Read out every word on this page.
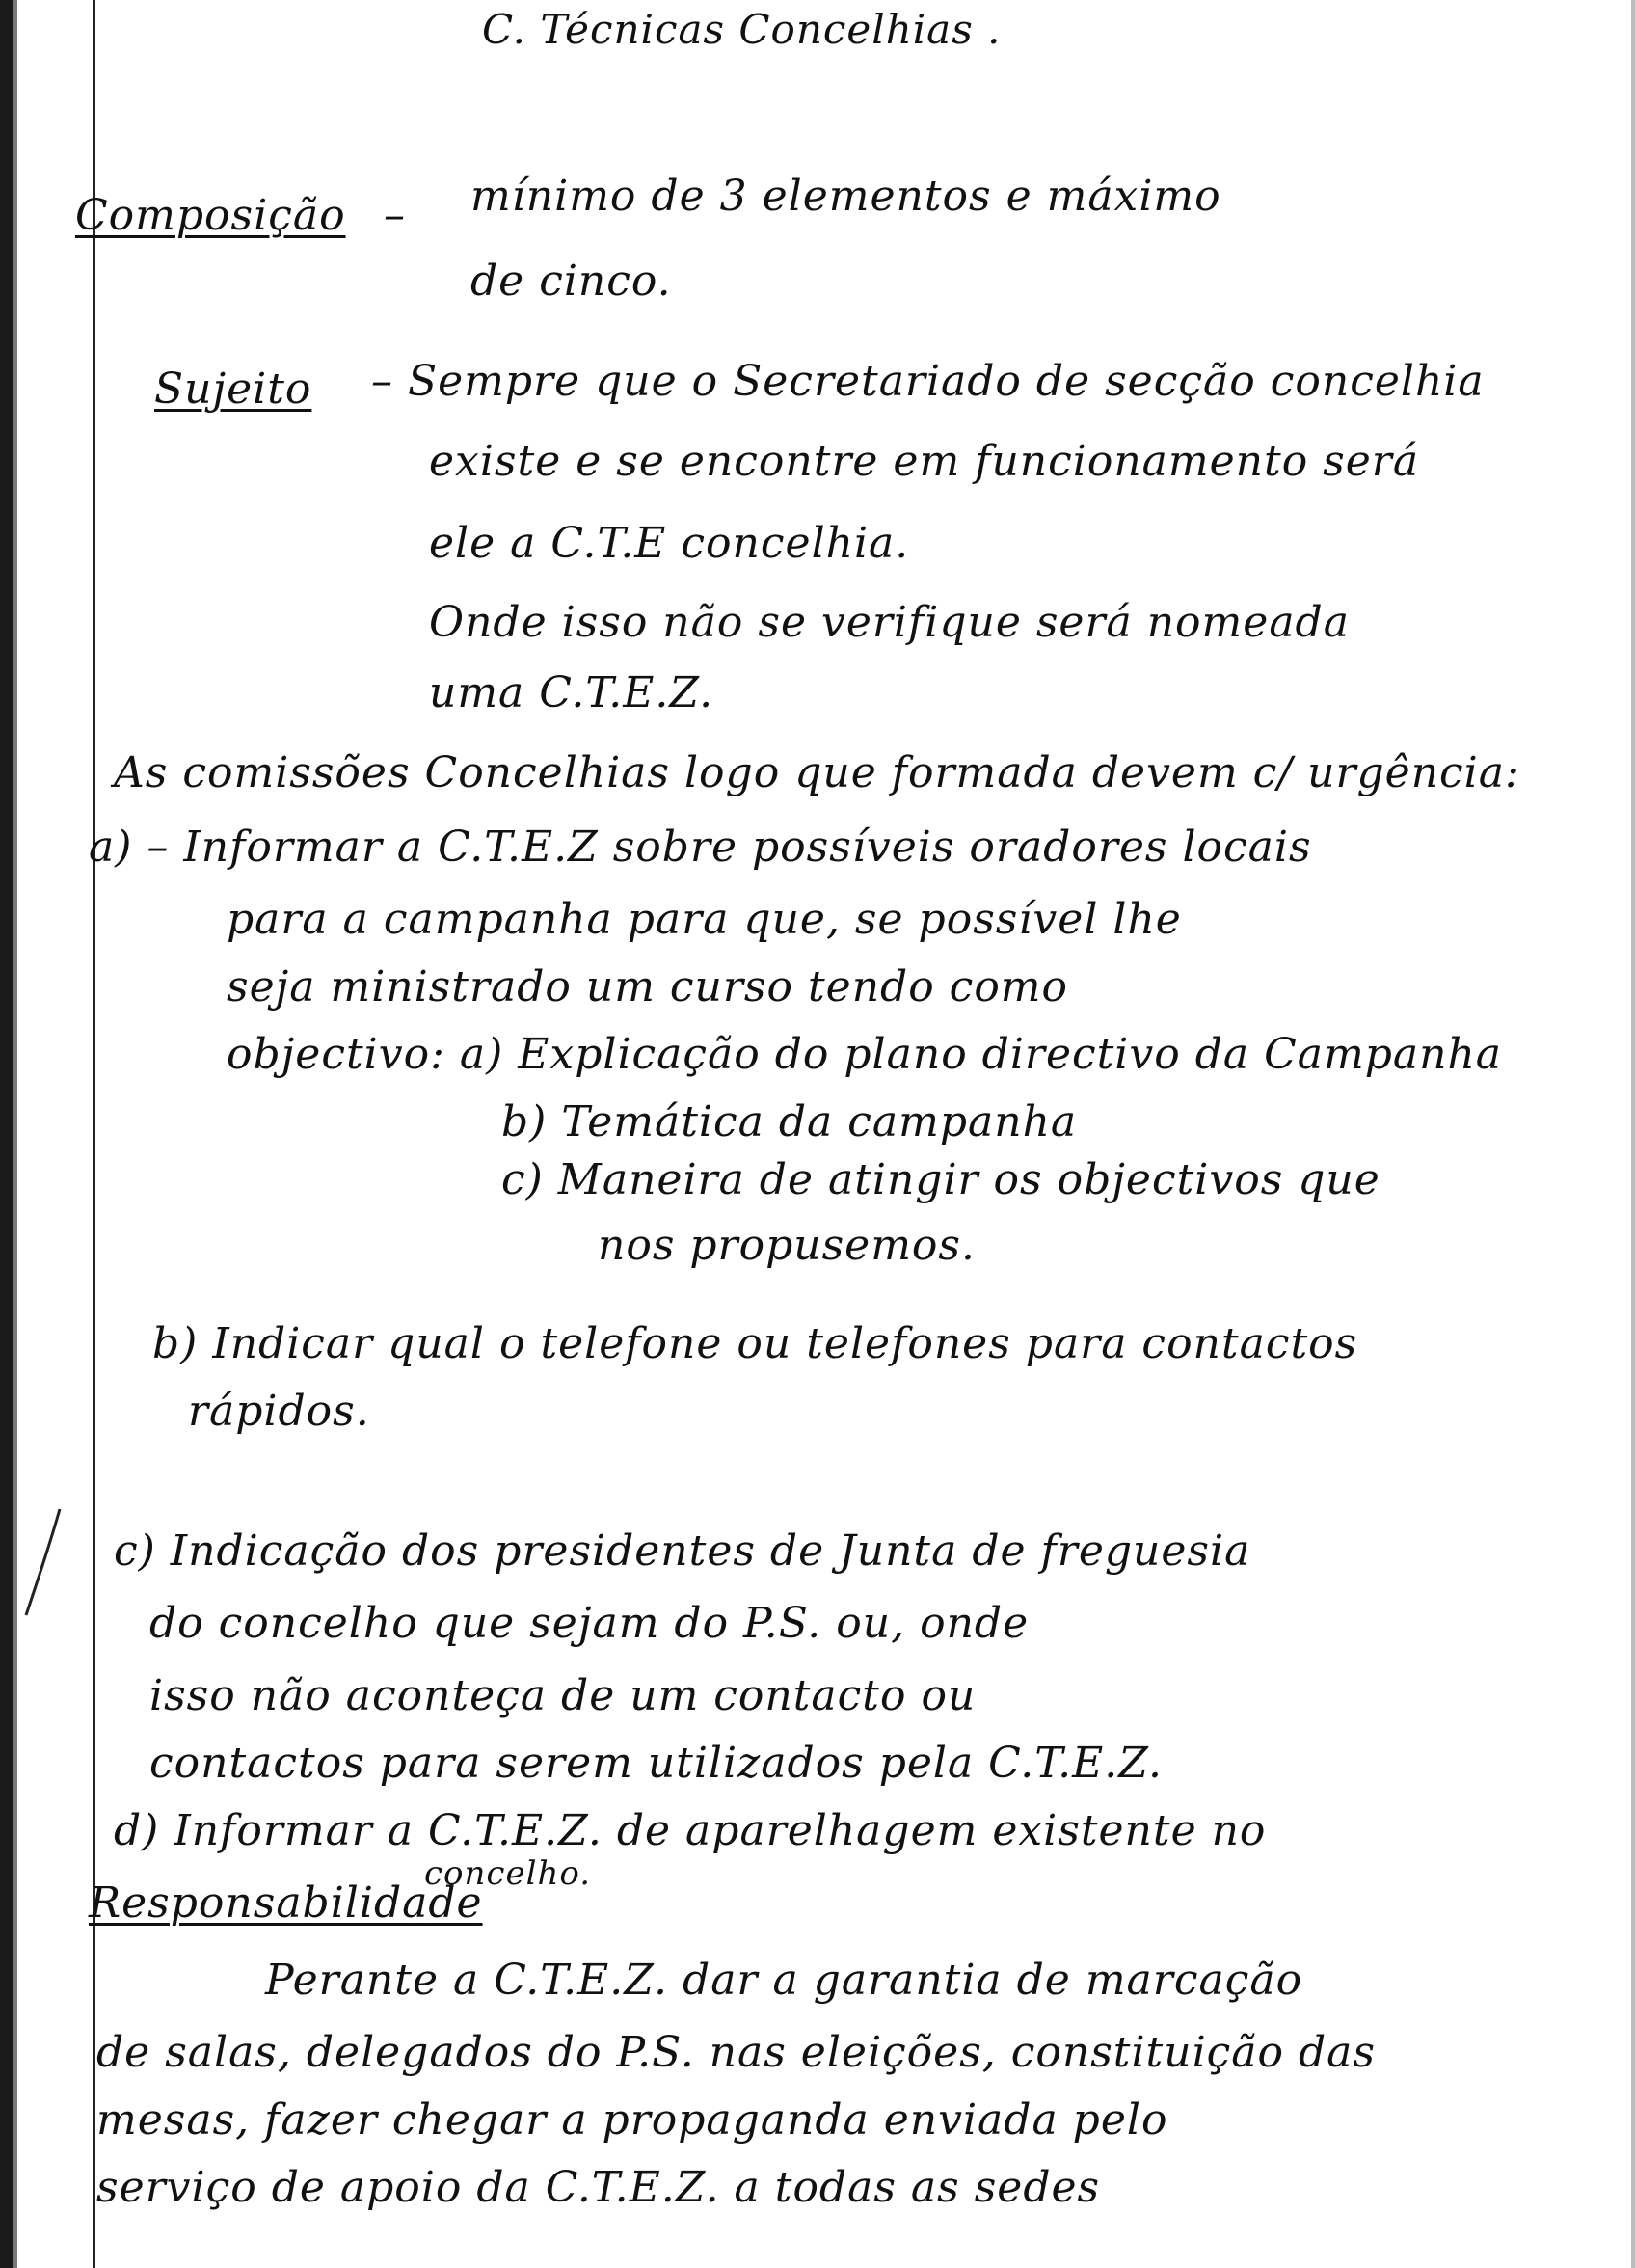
C. Técnicas Concelhias .
Composição – mínimo de 3 elementos e máximo
de cinco.
Sujeito – Sempre que o Secretariado de secção concelhia
existe e se encontre em funcionamento será
ele a C.T.E concelhia.
Onde isso não se verifique será nomeada
uma C.T.E.Z.
As comissões Concelhias logo que formada devem c/ urgência:
a) – Informar a C.T.E.Z sobre possíveis oradores locais
para a campanha para que, se possível lhe
seja ministrado um curso tendo como
objectivo: a) Explicação do plano directivo da Campanha
b) Temática da campanha
c) Maneira de atingir os objectivos que
nos propusemos.
b) Indicar qual o telefone ou telefones para contactos
rápidos.
c) Indicação dos presidentes de Junta de freguesia
do concelho que sejam do P.S. ou, onde
isso não aconteça de um contacto ou
contactos para serem utilizados pela C.T.E.Z.
d) Informar a C.T.E.Z. de aparelhagem existente no
concelho.
Responsabilidade
Perante a C.T.E.Z. dar a garantia de marcação
de salas, delegados do P.S. nas eleições, constituição das
mesas, fazer chegar a propaganda enviada pelo
serviço de apoio da C.T.E.Z. a todas as sedes
